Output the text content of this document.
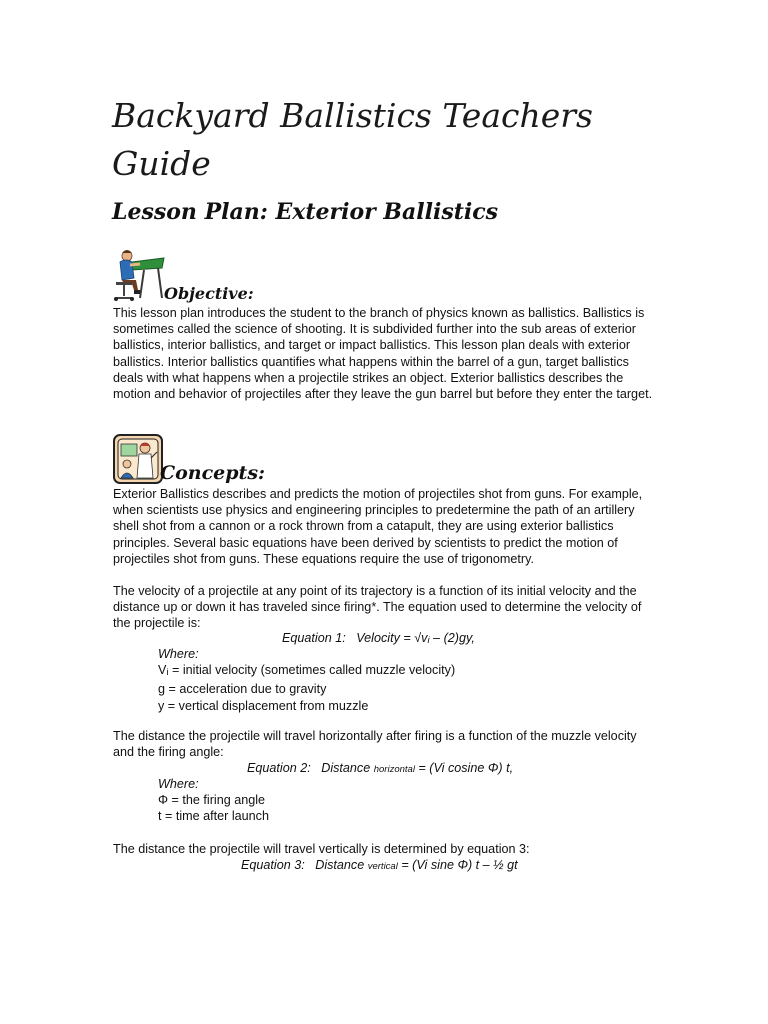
Backyard Ballistics Teachers Guide
Lesson Plan: Exterior Ballistics
Objective:

This lesson plan introduces the student to the branch of physics known as ballistics. Ballistics is sometimes called the science of shooting. It is subdivided further into the sub areas of exterior ballistics, interior ballistics, and target or impact ballistics. This lesson plan deals with exterior ballistics. Interior ballistics quantifies what happens within the barrel of a gun, target ballistics deals with what happens when a projectile strikes an object. Exterior ballistics describes the motion and behavior of projectiles after they leave the gun barrel but before they enter the target.

Concepts:

Exterior Ballistics describes and predicts the motion of projectiles shot from guns. For example, when scientists use physics and engineering principles to predetermine the path of an artillery shell shot from a cannon or a rock thrown from a catapult, they are using exterior ballistics principles. Several basic equations have been derived by scientists to predict the motion of projectiles shot from guns. These equations require the use of trigonometry.

The velocity of a projectile at any point of its trajectory is a function of its initial velocity and the distance up or down it has traveled since firing*. The equation used to determine the velocity of the projectile is:

Equation 1: Velocity = √vi – (2)gy,
Where:
Vi = initial velocity (sometimes called muzzle velocity)
g = acceleration due to gravity
y = vertical displacement from muzzle

The distance the projectile will travel horizontally after firing is a function of the muzzle velocity and the firing angle:

Equation 2: Distance horizontal = (Vi cosine Φ) t,
Where:
Φ = the firing angle
t = time after launch

The distance the projectile will travel vertically is determined by equation 3:

Equation 3: Distance vertical = (Vi sine Φ) t – ½ gt
